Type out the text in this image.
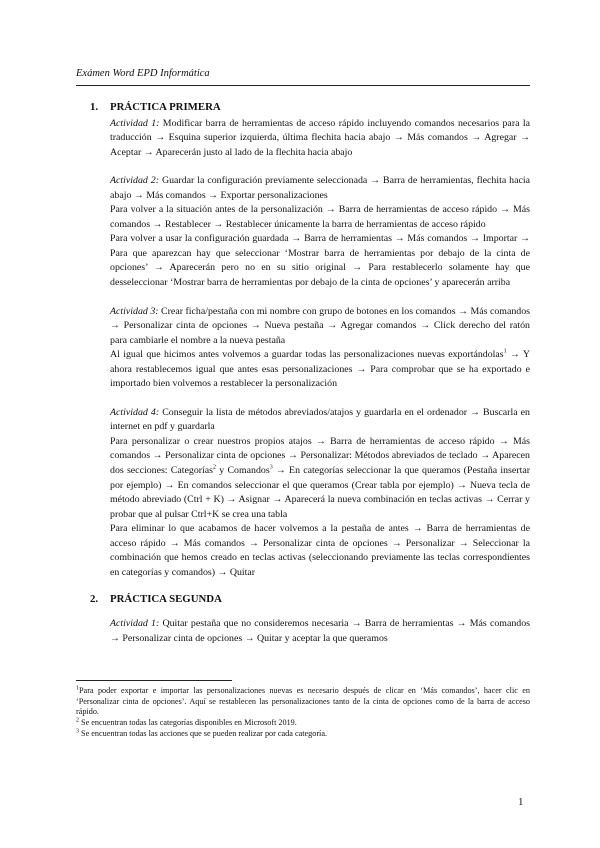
Exámen Word EPD Informática
1. PRÁCTICA PRIMERA

Actividad 1: Modificar barra de herramientas de acceso rápido incluyendo comandos necesarios para la traducción → Esquina superior izquierda, última flechita hacia abajo → Más comandos → Agregar → Aceptar → Aparecerán justo al lado de la flechita hacia abajo

Actividad 2: Guardar la configuración previamente seleccionada → Barra de herramientas, flechita hacia abajo → Más comandos → Exportar personalizaciones

Para volver a la situación antes de la personalización → Barra de herramientas de acceso rápido → Más comandos → Restablecer → Restablecer únicamente la barra de herramientas de acceso rápido

Para volver a usar la configuración guardada → Barra de herramientas → Más comandos → Importar → Para que aparezcan hay que seleccionar ‘Mostrar barra de herramientas por debajo de la cinta de opciones’ → Aparecerán pero no en su sitio original → Para restablecerlo solamente hay que desseleccionar ‘Mostrar barra de herramientas por debajo de la cinta de opciones’ y aparecerán arriba

Actividad 3: Crear ficha/pestaña con mi nombre con grupo de botones en los comandos → Más comandos → Personalizar cinta de opciones → Nueva pestaña → Agregar comandos → Click derecho del ratón para cambiarle el nombre a la nueva pestaña

Al igual que hicimos antes volvemos a guardar todas las personalizaciones nuevas exportándolas$^1$ → Y ahora restablecemos igual que antes esas personalizaciones → Para comprobar que se ha exportado e importado bien volvemos a restablecer la personalización

Actividad 4: Conseguir la lista de métodos abreviados/atajos y guardarla en el ordenador → Buscarla en internet en pdf y guardarla

Para personalizar o crear nuestros propios atajos → Barra de herramientas de acceso rápido → Más comandos → Personalizar cinta de opciones → Personalizar: Métodos abreviados de teclado → Aparecen dos secciones: Categorías$^2$ y Comandos$^3$ → En categorías seleccionar la que queramos (Pestaña insertar por ejemplo) → En comandos seleccionar el que queramos (Crear tabla por ejemplo) → Nueva tecla de método abreviado (Ctrl + K) → Asignar → Aparecerá la nueva combinación en teclas activas → Cerrar y probar que al pulsar Ctrl+K se crea una tabla

Para eliminar lo que acabamos de hacer volvemos a la pestaña de antes → Barra de herramientas de acceso rápido → Más comandos → Personalizar cinta de opciones → Personalizar → Seleccionar la combinación que hemos creado en teclas activas (seleccionando previamente las teclas correspondientes en categorías y comandos) → Quitar

2. PRÁCTICA SEGUNDA

Actividad 1: Quitar pestaña que no consideremos necesaria → Barra de herramientas → Más comandos → Personalizar cinta de opciones → Quitar y aceptar la que queramos

$^1$Para poder exportar e importar las personalizaciones nuevas es necesario después de clicar en ‘Más comandos’, hacer clic en ‘Personalizar cinta de opciones’. Aquí se restablecen las personalizaciones tanto de la cinta de opciones como de la barra de acceso rápido.

$^2$ Se encuentran todas las categorías disponibles en Microsoft 2019.

$^3$ Se encuentran todas las acciones que se pueden realizar por cada categoría.

1
